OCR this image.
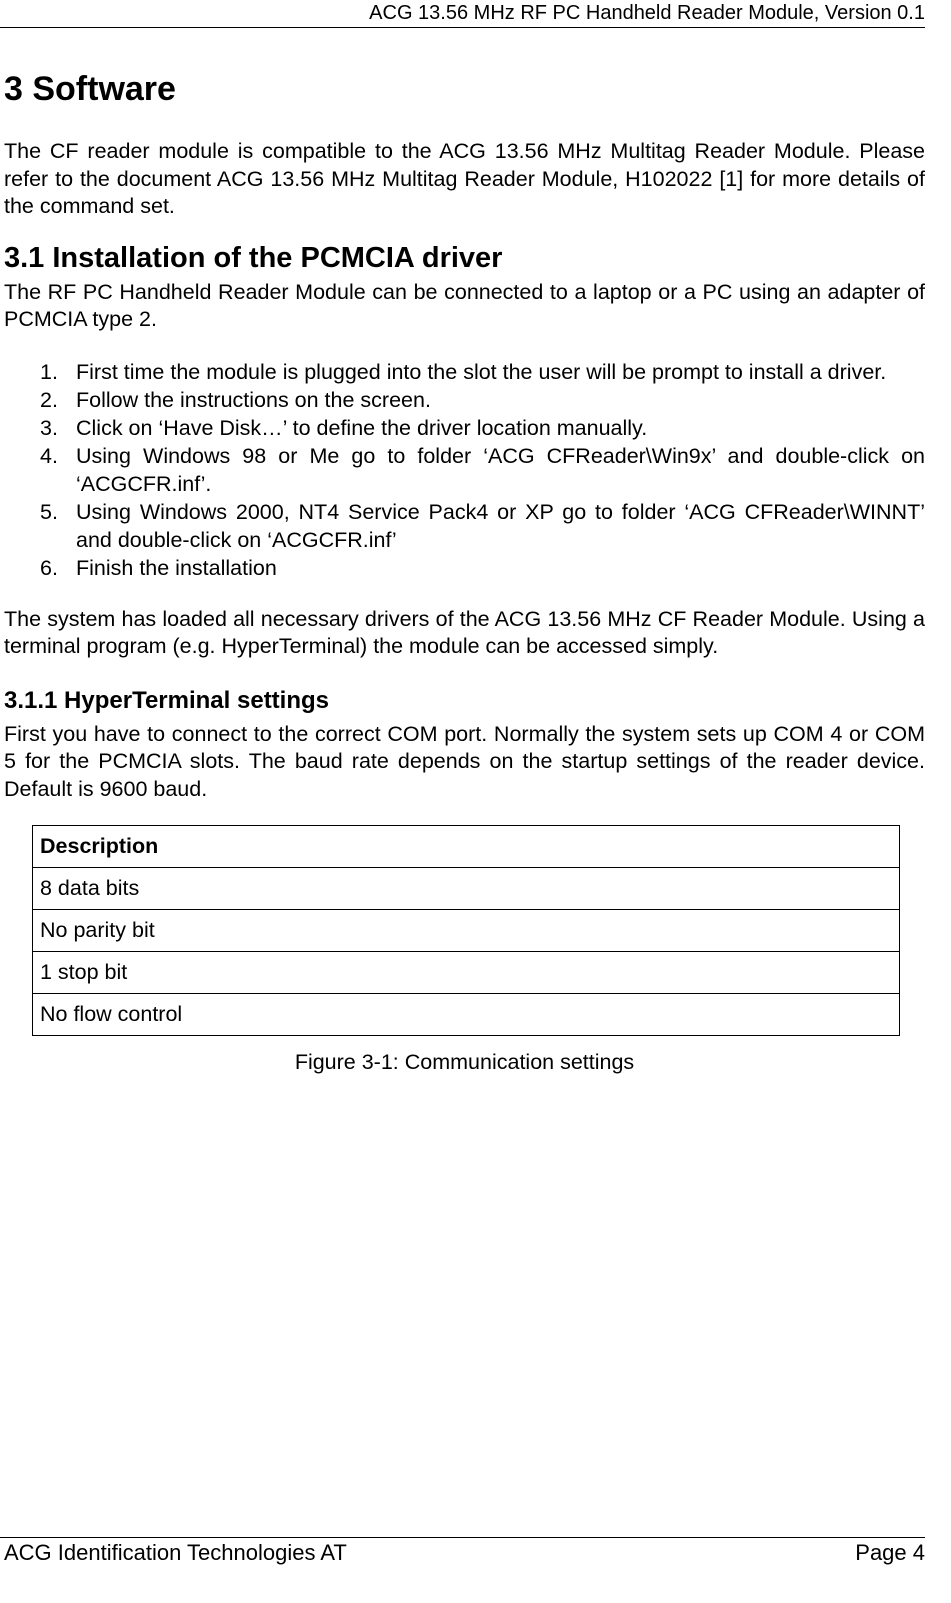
ACG 13.56 MHz RF PC Handheld Reader Module, Version 0.1
3 Software

The CF reader module is compatible to the ACG 13.56 MHz Multitag Reader Module. Please refer to the document ACG 13.56 MHz Multitag Reader Module, H102022 [1] for more details of the command set.

3.1 Installation of the PCMCIA driver

The RF PC Handheld Reader Module can be connected to a laptop or a PC using an adapter of PCMCIA type 2.

1. First time the module is plugged into the slot the user will be prompt to install a driver.
2. Follow the instructions on the screen.
3. Click on ‘Have Disk…’ to define the driver location manually.
4. Using Windows 98 or Me go to folder ‘ACG CFReader\Win9x’ and double-click on ‘ACGCFR.inf’.
5. Using Windows 2000, NT4 Service Pack4 or XP go to folder ‘ACG CFReader\WINNT’ and double-click on ‘ACGCFR.inf’
6. Finish the installation

The system has loaded all necessary drivers of the ACG 13.56 MHz CF Reader Module. Using a terminal program (e.g. HyperTerminal) the module can be accessed simply.

3.1.1 HyperTerminal settings

First you have to connect to the correct COM port. Normally the system sets up COM 4 or COM 5 for the PCMCIA slots. The baud rate depends on the startup settings of the reader device. Default is 9600 baud.

Description
8 data bits
No parity bit
1 stop bit
No flow control
Figure 3-1: Communication settings
ACG Identification Technologies AT	Page 4
